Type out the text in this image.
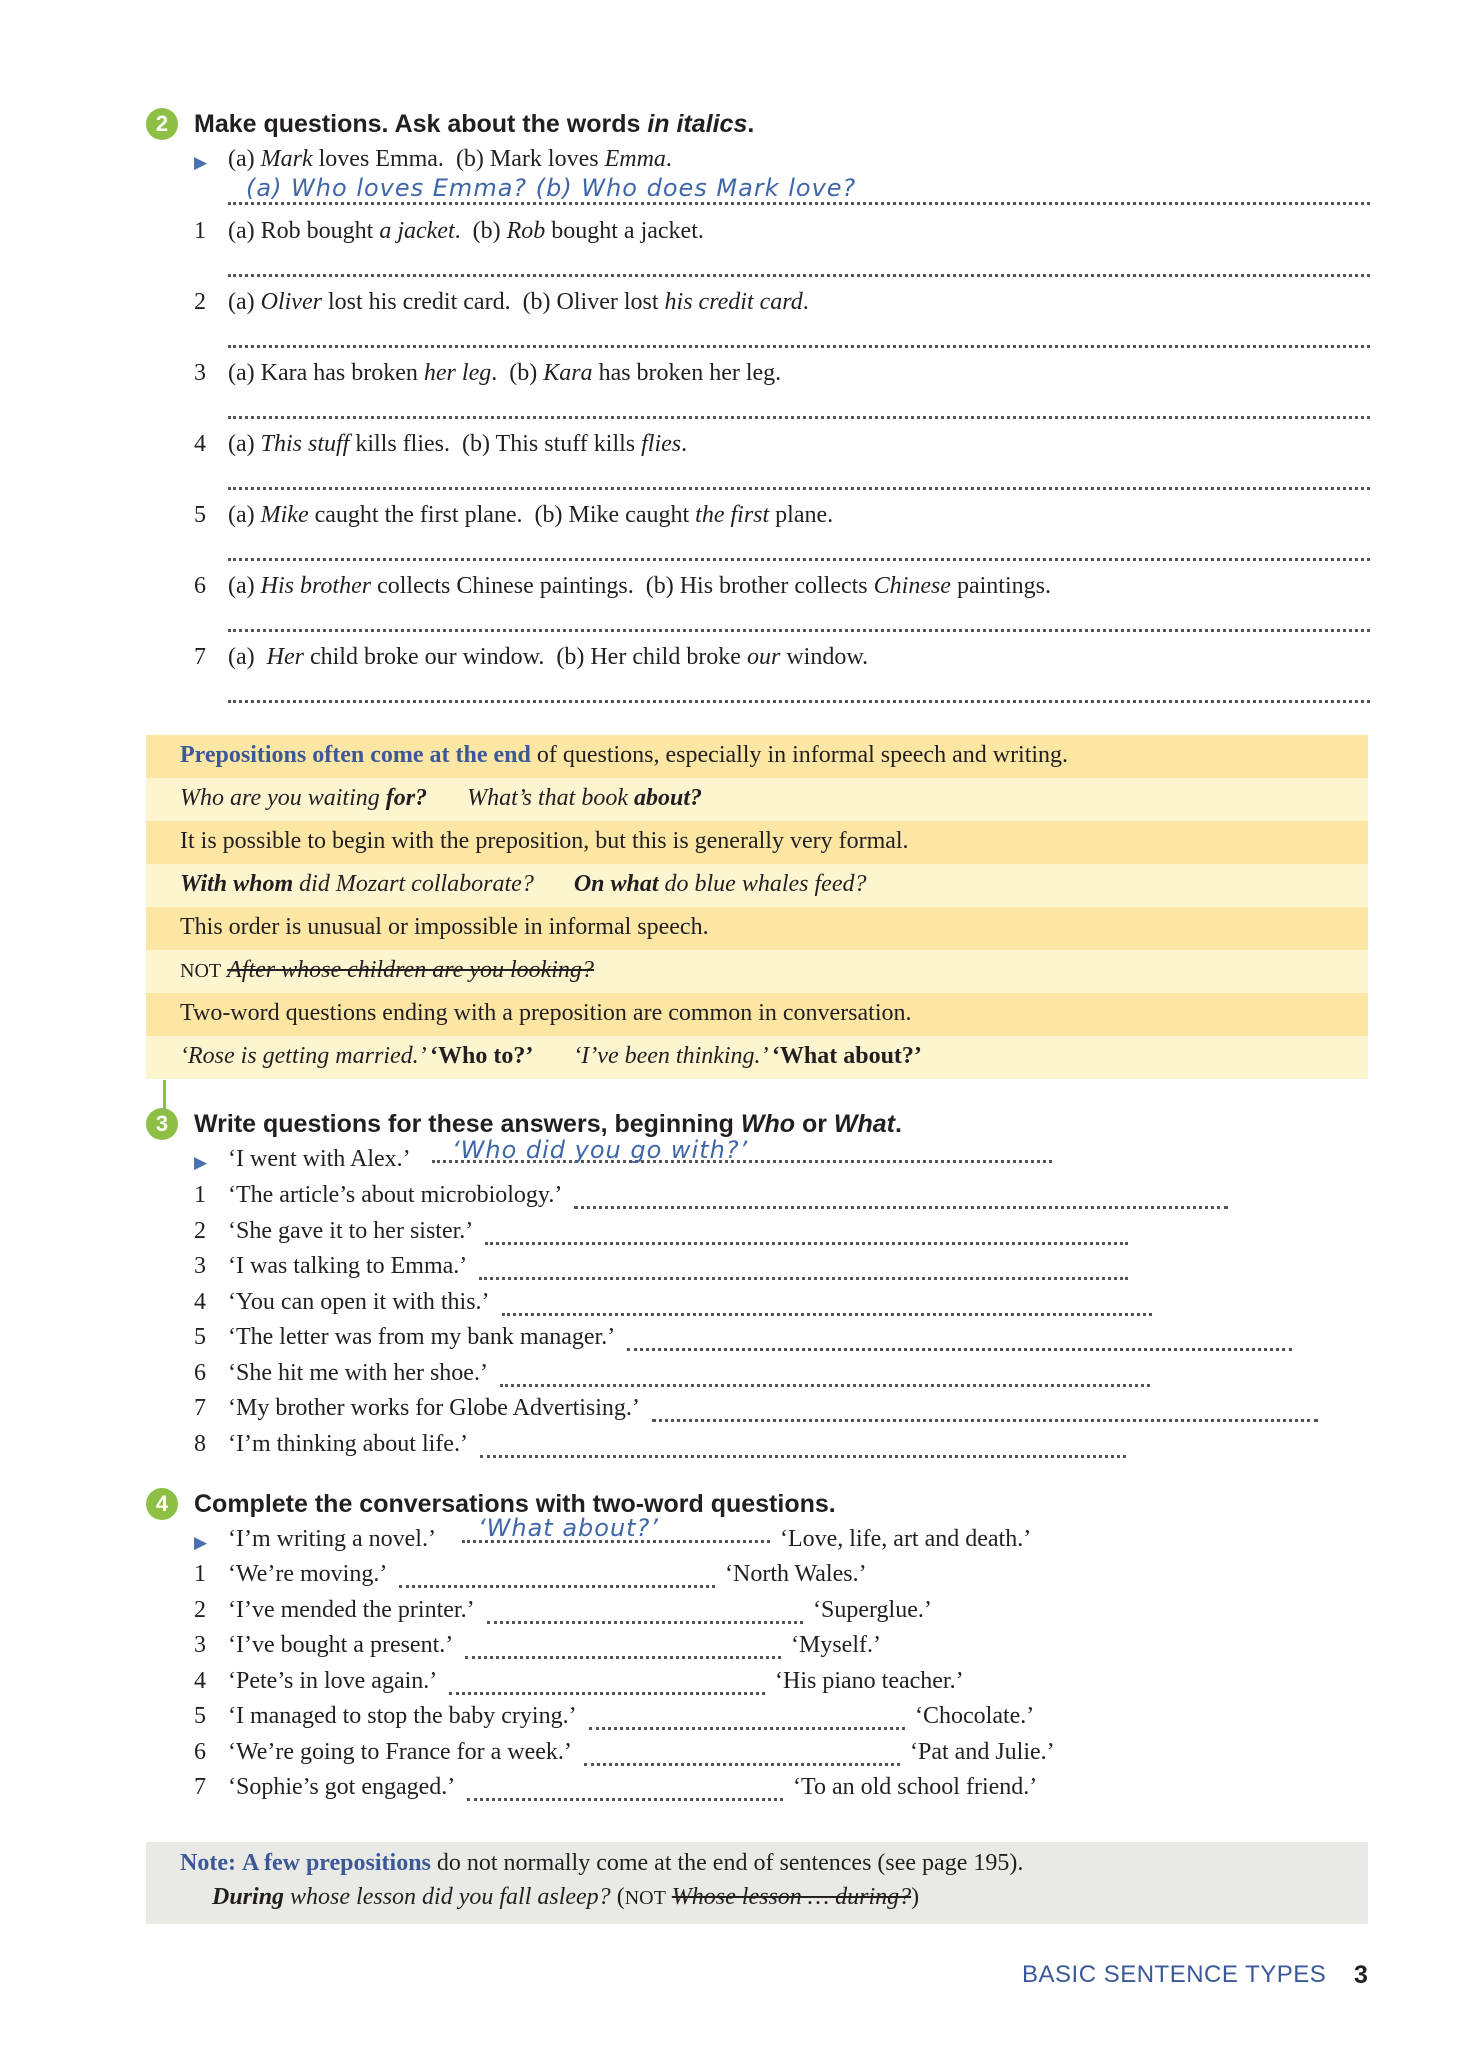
2	Make questions. Ask about the words in italics.
▶ (a) Mark loves Emma.  (b) Mark loves Emma.
(a) Who loves Emma? (b) Who does Mark love?
1 (a) Rob bought a jacket.  (b) Rob bought a jacket.
2 (a) Oliver lost his credit card.  (b) Oliver lost his credit card.
3 (a) Kara has broken her leg.  (b) Kara has broken her leg.
4 (a) This stuff kills flies.  (b) This stuff kills flies.
5 (a) Mike caught the first plane.  (b) Mike caught the first plane.
6 (a) His brother collects Chinese paintings.  (b) His brother collects Chinese paintings.
7 (a)  Her child broke our window.  (b) Her child broke our window.
Prepositions often come at the end of questions, especially in informal speech and writing.
Who are you waiting for? What’s that book about?
It is possible to begin with the preposition, but this is generally very formal.
With whom did Mozart collaborate? On what do blue whales feed?
This order is unusual or impossible in informal speech.
NOT After whose children are you looking?
Two-word questions ending with a preposition are common in conversation.
‘Rose is getting married.’ ‘Who to?’ ‘I’ve been thinking.’ ‘What about?’
3	Write questions for these answers, beginning Who or What.
▶ ‘I went with Alex.’ ‘Who did you go with?’
1 ‘The article’s about microbiology.’
2 ‘She gave it to her sister.’
3 ‘I was talking to Emma.’
4 ‘You can open it with this.’
5 ‘The letter was from my bank manager.’
6 ‘She hit me with her shoe.’
7 ‘My brother works for Globe Advertising.’
8 ‘I’m thinking about life.’
4	Complete the conversations with two-word questions.
▶ ‘I’m writing a novel.’ ‘What about?’	‘Love, life, art and death.’
1 ‘We’re moving.’	‘North Wales.’
2 ‘I’ve mended the printer.’	‘Superglue.’
3 ‘I’ve bought a present.’	‘Myself.’
4 ‘Pete’s in love again.’	‘His piano teacher.’
5 ‘I managed to stop the baby crying.’	‘Chocolate.’
6 ‘We’re going to France for a week.’	‘Pat and Julie.’
7 ‘Sophie’s got engaged.’	‘To an old school friend.’
Note: A few prepositions do not normally come at the end of sentences (see page 195).
During whose lesson did you fall asleep? (NOT Whose lesson … during?)
BASIC SENTENCE TYPES 3
